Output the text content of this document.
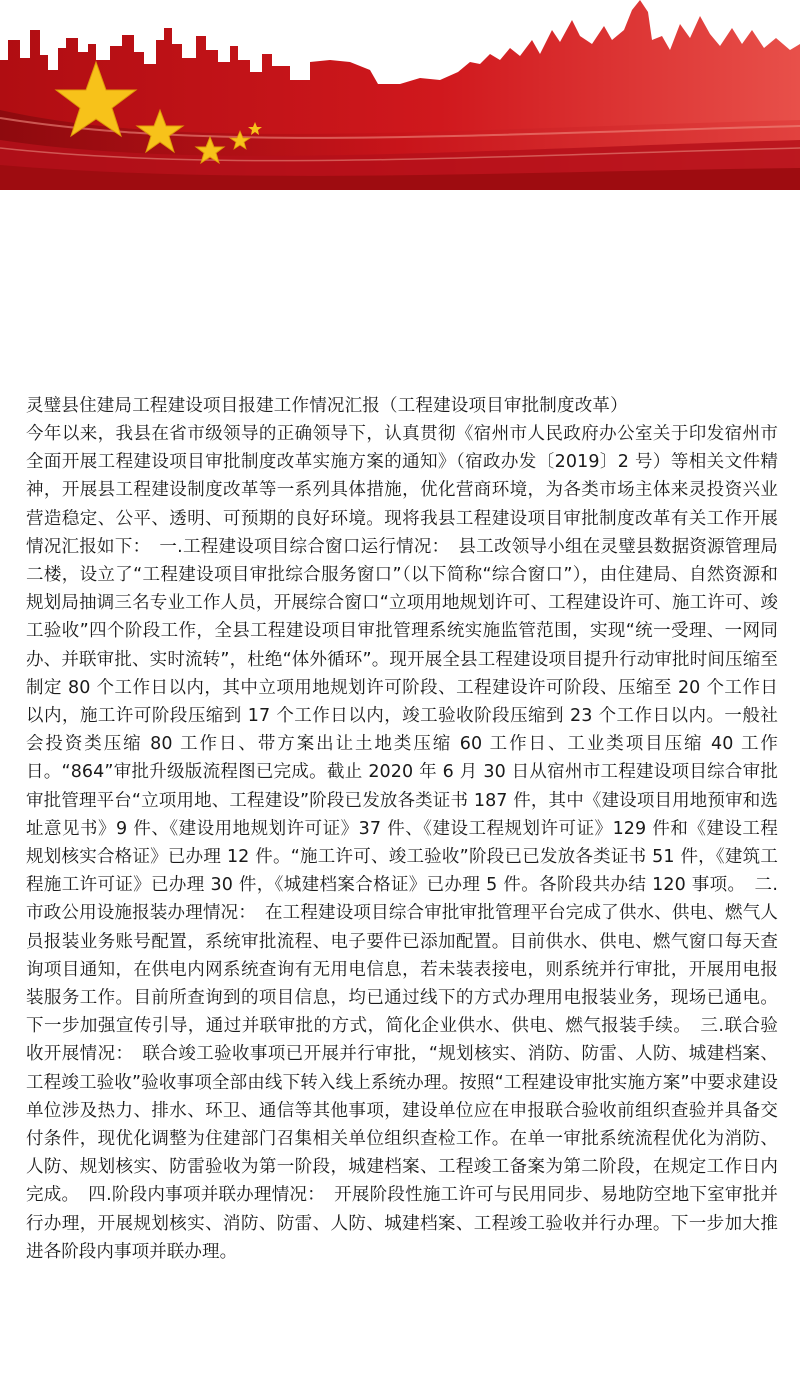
灵璧县住建局工程建设项目报建工作情况汇报（工程建设项目审批制度改革）

今年以来，我县在省市级领导的正确领导下，认真贯彻《宿州市人民政府办公室关于印发宿州市全面开展工程建设项目审批制度改革实施方案的通知》（宿政办发〔2019〕2 号）等相关文件精神，开展县工程建设制度改革等一系列具体措施，优化营商环境，为各类市场主体来灵投资兴业营造稳定、公平、透明、可预期的良好环境。现将我县工程建设项目审批制度改革有关工作开展情况汇报如下：　一.工程建设项目综合窗口运行情况：　县工改领导小组在灵璧县数据资源管理局二楼，设立了“工程建设项目审批综合服务窗口”（以下简称“综合窗口”），由住建局、自然资源和规划局抽调三名专业工作人员，开展综合窗口“立项用地规划许可、工程建设许可、施工许可、竣工验收”四个阶段工作，全县工程建设项目审批管理系统实施监管范围，实现“统一受理、一网同办、并联审批、实时流转”，杜绝“体外循环”。现开展全县工程建设项目提升行动审批时间压缩至制定 80 个工作日以内，其中立项用地规划许可阶段、工程建设许可阶段、压缩至 20 个工作日以内，施工许可阶段压缩到 17 个工作日以内，竣工验收阶段压缩到 23 个工作日以内。一般社会投资类压缩 80 工作日、带方案出让土地类压缩 60 工作日、工业类项目压缩 40 工作日。“864”审批升级版流程图已完成。截止 2020 年 6 月 30 日从宿州市工程建设项目综合审批审批管理平台“立项用地、工程建设”阶段已发放各类证书 187 件，其中《建设项目用地预审和选址意见书》9 件、《建设用地规划许可证》37 件、《建设工程规划许可证》129 件和《建设工程规划核实合格证》已办理 12 件。“施工许可、竣工验收”阶段已已发放各类证书 51 件，《建筑工程施工许可证》已办理 30 件，《城建档案合格证》已办理 5 件。各阶段共办结 120 事项。　二.市政公用设施报装办理情况：　在工程建设项目综合审批审批管理平台完成了供水、供电、燃气人员报装业务账号配置，系统审批流程、电子要件已添加配置。目前供水、供电、燃气窗口每天查询项目通知，在供电内网系统查询有无用电信息，若未装表接电，则系统并行审批，开展用电报装服务工作。目前所查询到的项目信息，均已通过线下的方式办理用电报装业务，现场已通电。下一步加强宣传引导，通过并联审批的方式，简化企业供水、供电、燃气报装手续。　三.联合验收开展情况：　联合竣工验收事项已开展并行审批，“规划核实、消防、防雷、人防、城建档案、工程竣工验收”验收事项全部由线下转入线上系统办理。按照“工程建设审批实施方案”中要求建设单位涉及热力、排水、环卫、通信等其他事项，建设单位应在申报联合验收前组织查验并具备交付条件，现优化调整为住建部门召集相关单位组织查检工作。在单一审批系统流程优化为消防、人防、规划核实、防雷验收为第一阶段，城建档案、工程竣工备案为第二阶段，在规定工作日内完成。　四.阶段内事项并联办理情况：　开展阶段性施工许可与民用同步、易地防空地下室审批并行办理，开展规划核实、消防、防雷、人防、城建档案、工程竣工验收并行办理。下一步加大推进各阶段内事项并联办理。
